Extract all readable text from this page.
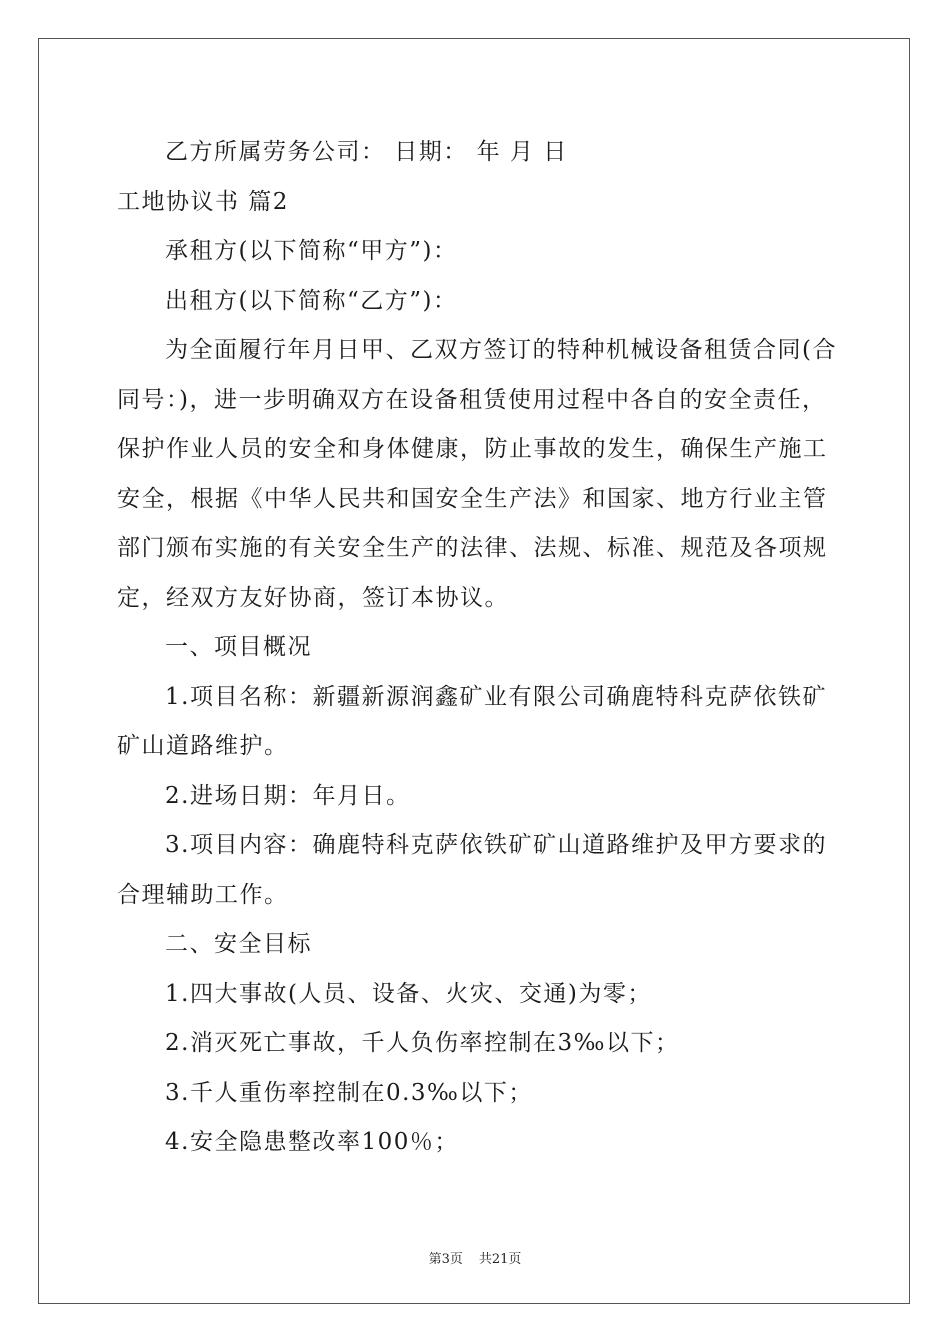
乙方所属劳务公司： 日期： 年 月 日

工地协议书 篇2

承租方(以下简称“甲方”)：

出租方(以下简称“乙方”)：

为全面履行年月日甲、乙双方签订的特种机械设备租赁合同(合同号：)，进一步明确双方在设备租赁使用过程中各自的安全责任，保护作业人员的安全和身体健康，防止事故的发生，确保生产施工安全，根据《中华人民共和国安全生产法》和国家、地方行业主管部门颁布实施的有关安全生产的法律、法规、标准、规范及各项规定，经双方友好协商，签订本协议。

一、项目概况

1.项目名称：新疆新源润鑫矿业有限公司确鹿特科克萨依铁矿矿山道路维护。

2.进场日期：年月日。

3.项目内容：确鹿特科克萨依铁矿矿山道路维护及甲方要求的合理辅助工作。

二、安全目标

1.四大事故(人员、设备、火灾、交通)为零；

2.消灭死亡事故，千人负伤率控制在3‰以下；

3.千人重伤率控制在0.3‰以下；

4.安全隐患整改率100％；

第3页 共21页
